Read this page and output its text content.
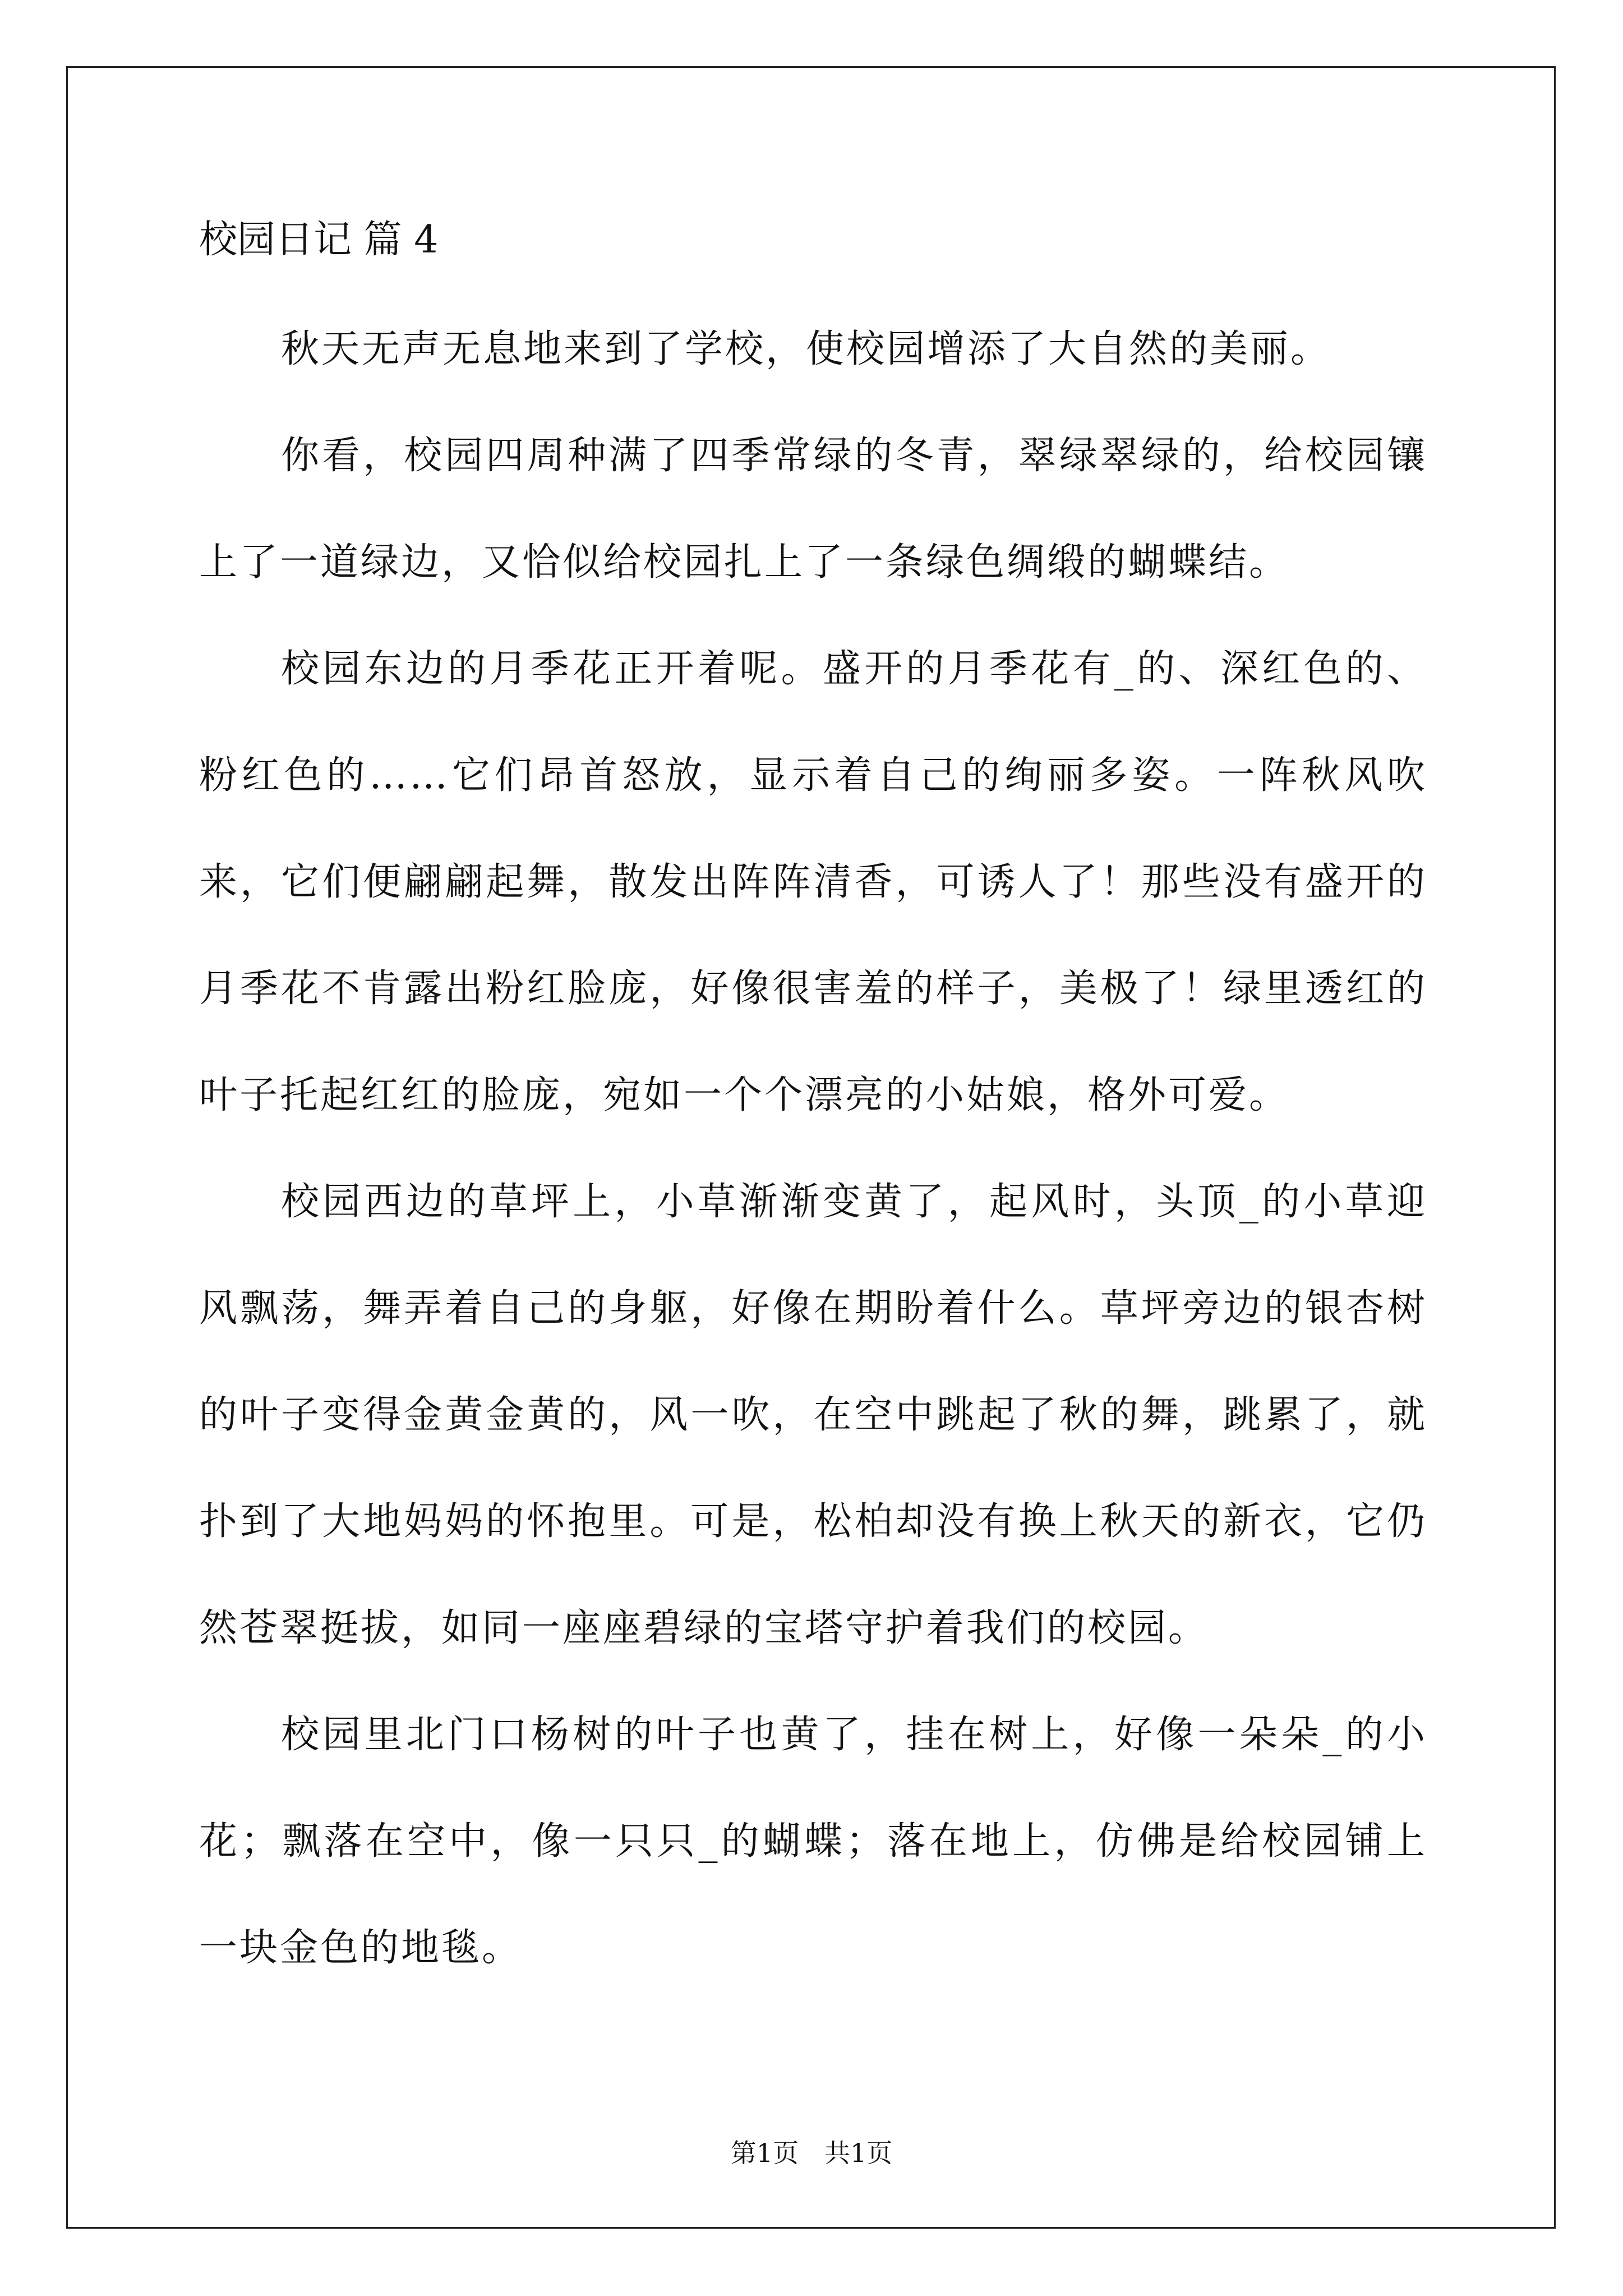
校园日记 篇 4

秋天无声无息地来到了学校，使校园增添了大自然的美丽。

你看，校园四周种满了四季常绿的冬青，翠绿翠绿的，给校园镶上了一道绿边，又恰似给校园扎上了一条绿色绸缎的蝴蝶结。

校园东边的月季花正开着呢。盛开的月季花有_的、深红色的、粉红色的……它们昂首怒放，显示着自己的绚丽多姿。一阵秋风吹来，它们便翩翩起舞，散发出阵阵清香，可诱人了！那些没有盛开的月季花不肯露出粉红脸庞，好像很害羞的样子，美极了！绿里透红的叶子托起红红的脸庞，宛如一个个漂亮的小姑娘，格外可爱。

校园西边的草坪上，小草渐渐变黄了，起风时，头顶_的小草迎风飘荡，舞弄着自己的身躯，好像在期盼着什么。草坪旁边的银杏树的叶子变得金黄金黄的，风一吹，在空中跳起了秋的舞，跳累了，就扑到了大地妈妈的怀抱里。可是，松柏却没有换上秋天的新衣，它仍然苍翠挺拔，如同一座座碧绿的宝塔守护着我们的校园。

校园里北门口杨树的叶子也黄了，挂在树上，好像一朵朵_的小花；飘落在空中，像一只只_的蝴蝶；落在地上，仿佛是给校园铺上一块金色的地毯。

第1页　共1页
